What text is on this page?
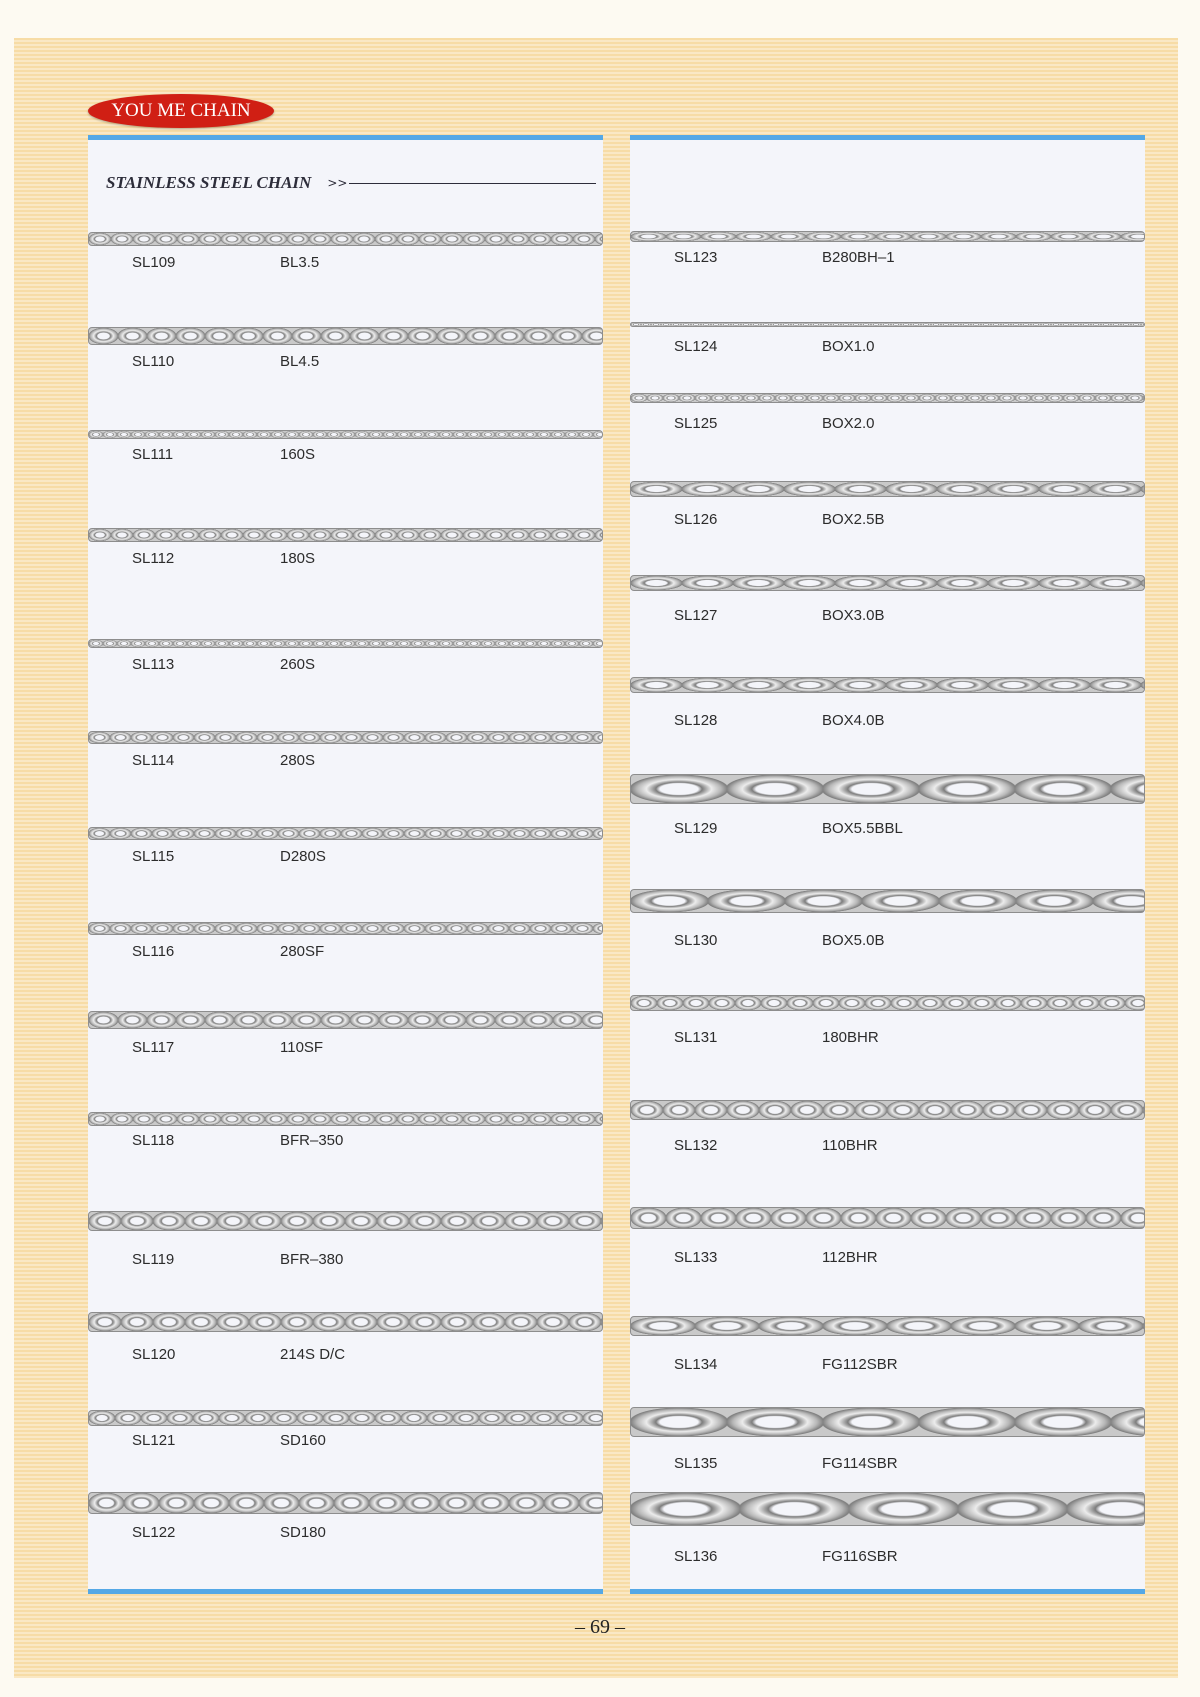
YOU ME CHAIN
STAINLESS STEEL CHAIN >>
SL109	BL3.5
SL110	BL4.5
SL111	160S
SL112	180S
SL113	260S
SL114	280S
SL115	D280S
SL116	280SF
SL117	110SF
SL118	BFR–350
SL119	BFR–380
SL120	214S D/C
SL121	SD160
SL122	SD180
SL123	B280BH–1
SL124	BOX1.0
SL125	BOX2.0
SL126	BOX2.5B
SL127	BOX3.0B
SL128	BOX4.0B
SL129	BOX5.5BBL
SL130	BOX5.0B
SL131	180BHR
SL132	110BHR
SL133	112BHR
SL134	FG112SBR
SL135	FG114SBR
SL136	FG116SBR
– 69 –
